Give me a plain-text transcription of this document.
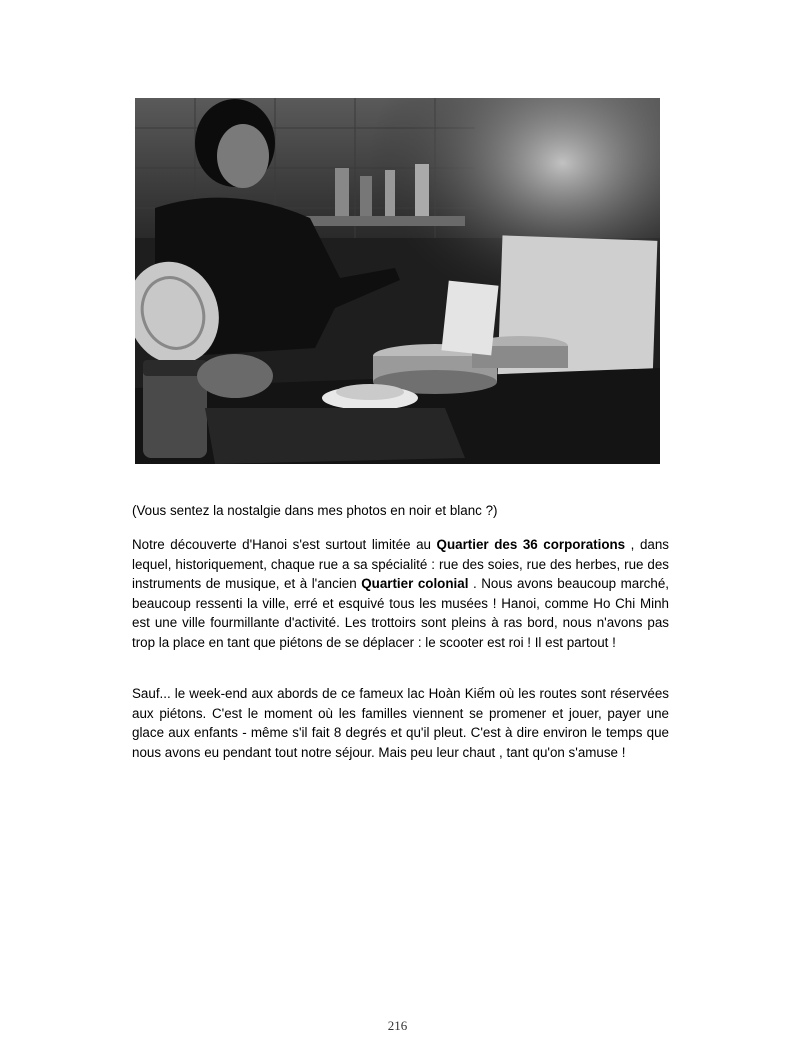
(Vous sentez la nostalgie dans mes photos en noir et blanc ?)

Notre découverte d'Hanoi s'est surtout limitée au Quartier des 36 corporations , dans lequel, historiquement, chaque rue a sa spécialité : rue des soies, rue des herbes, rue des instruments de musique, et à l'ancien Quartier colonial . Nous avons beaucoup marché, beaucoup ressenti la ville, erré et esquivé tous les musées ! Hanoi, comme Ho Chi Minh est une ville fourmillante d'activité. Les trottoirs sont pleins à ras bord, nous n'avons pas trop la place en tant que piétons de se déplacer : le scooter est roi ! Il est partout !

Sauf... le week-end aux abords de ce fameux lac Hoàn Kiếm où les routes sont réservées aux piétons. C'est le moment où les familles viennent se promener et jouer, payer une glace aux enfants - même s'il fait 8 degrés et qu'il pleut. C'est à dire environ le temps que nous avons eu pendant tout notre séjour. Mais peu leur chaut , tant qu'on s'amuse !

216
